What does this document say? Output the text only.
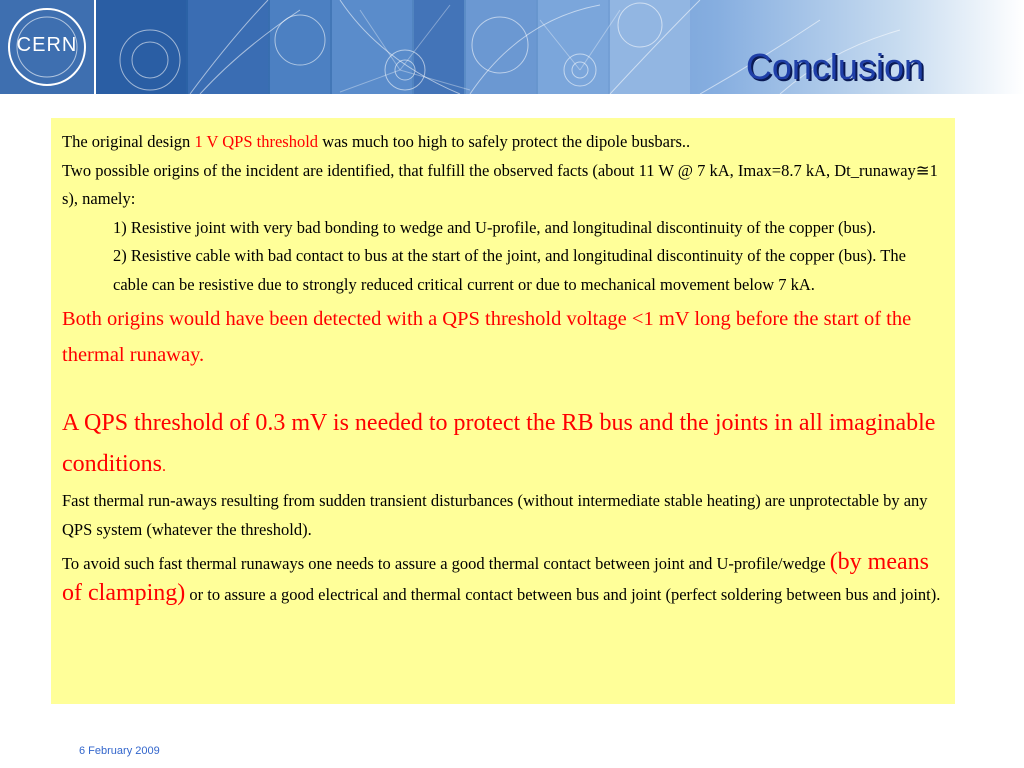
CERN
Conclusion

The original design 1 V QPS threshold was much too high to safely protect the dipole busbars..

Two possible origins of the incident are identified, that fulfill the observed facts (about 11 W @ 7 kA, Imax=8.7 kA, Dt_runaway≅1 s), namely:

1) Resistive joint with very bad bonding to wedge and U-profile, and longitudinal discontinuity of the copper (bus).

2) Resistive cable with bad contact to bus at the start of the joint, and longitudinal discontinuity of the copper (bus). The cable can be resistive due to strongly reduced critical current or due to mechanical movement below 7 kA.

Both origins would have been detected with a QPS threshold voltage <1 mV long before the start of the thermal runaway.

A QPS threshold of 0.3 mV is needed to protect the RB bus and the joints in all imaginable conditions.

Fast thermal run-aways resulting from sudden transient disturbances (without intermediate stable heating) are unprotectable by any QPS system (whatever the threshold).

To avoid such fast thermal runaways one needs to assure a good thermal contact between joint and U-profile/wedge (by means of clamping) or to assure a good electrical and thermal contact between bus and joint (perfect soldering between bus and joint).

6 February 2009
